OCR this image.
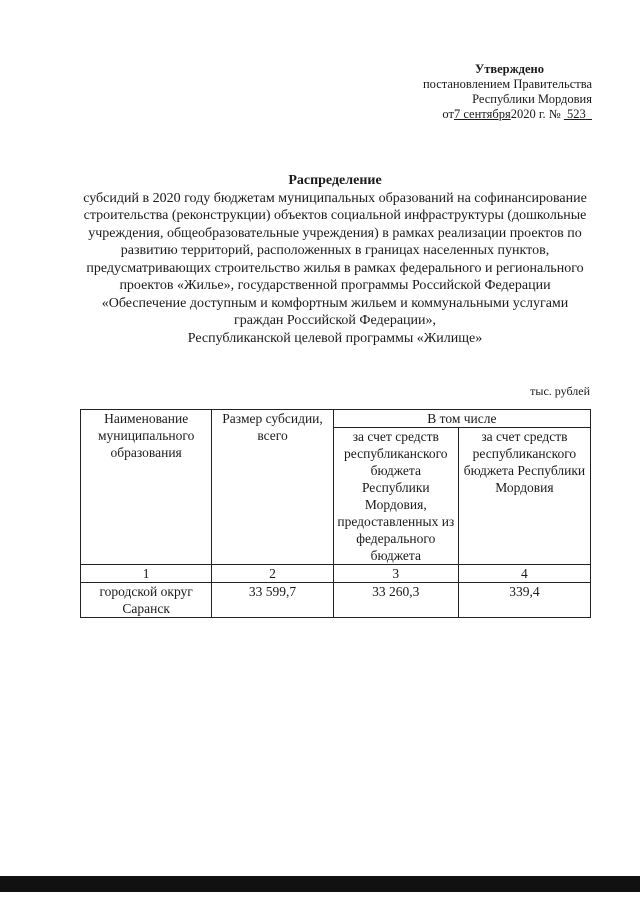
Утверждено
постановлением Правительства
Республики Мордовия
от7 сентября2020 г. № 523
Распределение
субсидий в 2020 году бюджетам муниципальных образований на софинансирование строительства (реконструкции) объектов социальной инфраструктуры (дошкольные учреждения, общеобразовательные учреждения) в рамках реализации проектов по развитию территорий, расположенных в границах населенных пунктов, предусматривающих строительство жилья в рамках федерального и регионального проектов «Жилье», государственной программы Российской Федерации «Обеспечение доступным и комфортным жильем и коммунальными услугами граждан Российской Федерации»,
Республиканской целевой программы «Жилище»
тыс. рублей
Наименование муниципального образования	Размер субсидии, всего	В том числе	
		за счет средств республиканского бюджета Республики Мордовия, предоставленных из федерального бюджета	за счет средств республиканского бюджета Республики Мордовия
1	2	3	4
городской округ Саранск	33 599,7	33 260,3	339,4
